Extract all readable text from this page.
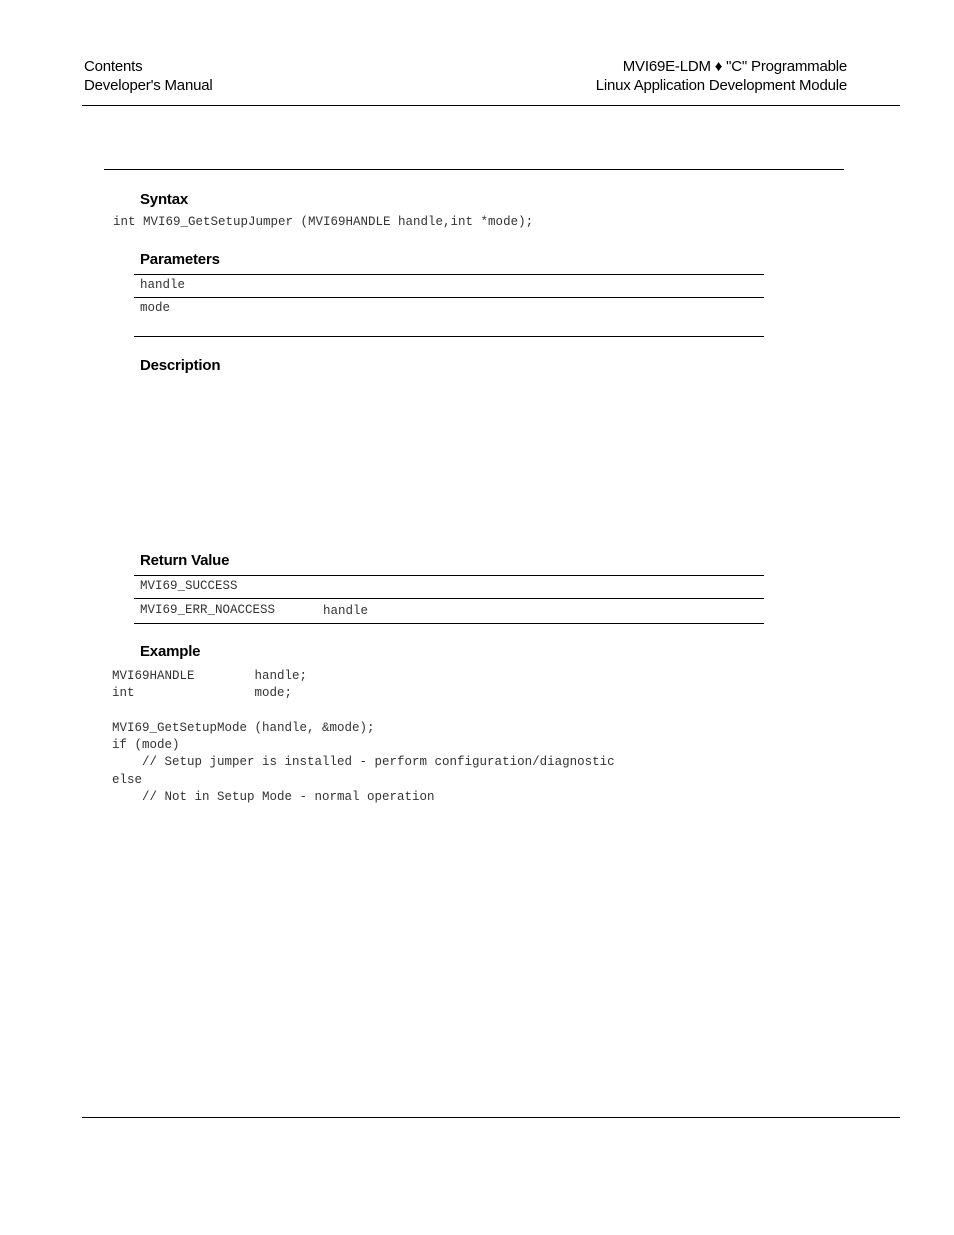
Contents
Developer's Manual
MVI69E-LDM ♦ "C" Programmable
Linux Application Development Module
Syntax
int MVI69_GetSetupJumper (MVI69HANDLE handle,int *mode);
Parameters
handle
mode
Description
Return Value
MVI69_SUCCESS
MVI69_ERR_NOACCESS	handle
Example
MVI69HANDLE        handle;
int                mode;

MVI69_GetSetupMode (handle, &mode);
if (mode)
// Setup jumper is installed - perform configuration/diagnostic
else
// Not in Setup Mode - normal operation
